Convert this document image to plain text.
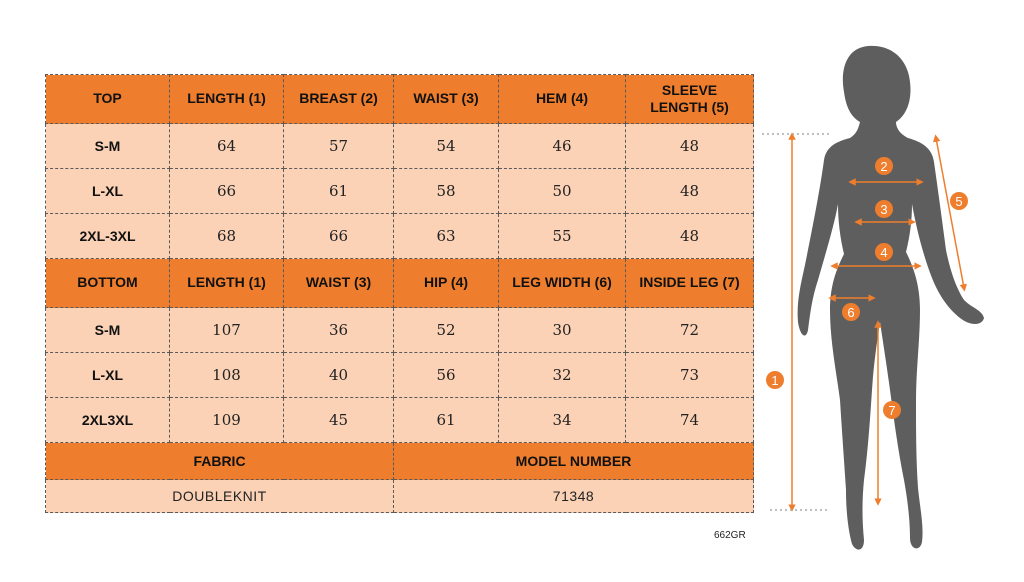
TOP	LENGTH (1)	BREAST (2)	WAIST (3)	HEM (4)	SLEEVE LENGTH (5)
S-M	64	57	54	46	48
L-XL	66	61	58	50	48
2XL-3XL	68	66	63	55	48
BOTTOM	LENGTH (1)	WAIST (3)	HIP (4)	LEG WIDTH (6)	INSIDE LEG (7)
S-M	107	36	52	30	72
L-XL	108	40	56	32	73
2XL3XL	109	45	61	34	74
FABRIC			MODEL NUMBER		
DOUBLEKNIT			71348		
662GR
1
2
3
4
5
6
7
